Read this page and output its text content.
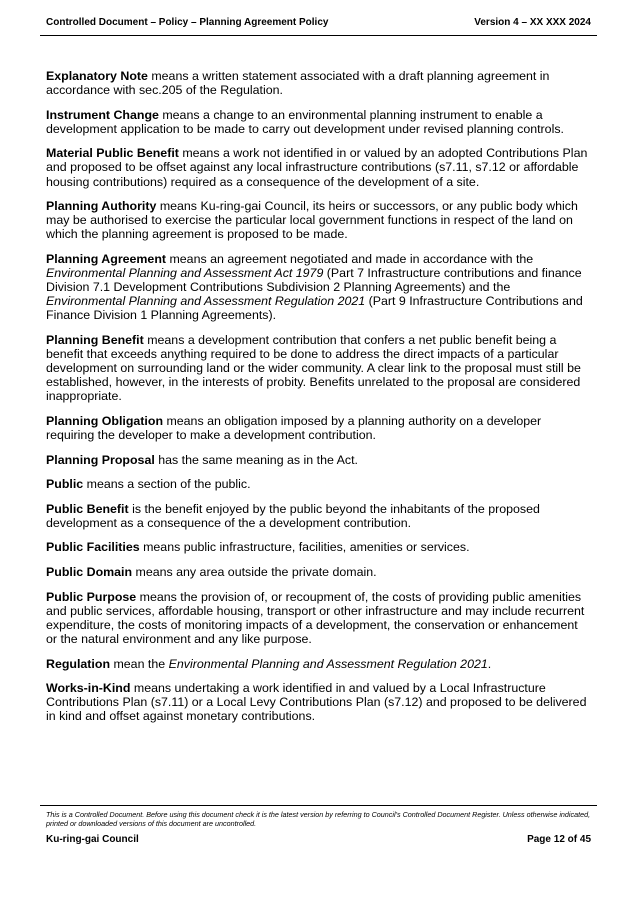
Controlled Document – Policy – Planning Agreement Policy	Version 4 – XX XXX 2024

Explanatory Note means a written statement associated with a draft planning agreement in accordance with sec.205 of the Regulation.

Instrument Change means a change to an environmental planning instrument to enable a development application to be made to carry out development under revised planning controls.

Material Public Benefit means a work not identified in or valued by an adopted Contributions Plan and proposed to be offset against any local infrastructure contributions (s7.11, s7.12 or affordable housing contributions) required as a consequence of the development of a site.

Planning Authority means Ku-ring-gai Council, its heirs or successors, or any public body which may be authorised to exercise the particular local government functions in respect of the land on which the planning agreement is proposed to be made.

Planning Agreement means an agreement negotiated and made in accordance with the Environmental Planning and Assessment Act 1979 (Part 7 Infrastructure contributions and finance Division 7.1 Development Contributions Subdivision 2 Planning Agreements) and the Environmental Planning and Assessment Regulation 2021 (Part 9 Infrastructure Contributions and Finance Division 1 Planning Agreements).

Planning Benefit means a development contribution that confers a net public benefit being a benefit that exceeds anything required to be done to address the direct impacts of a particular development on surrounding land or the wider community. A clear link to the proposal must still be established, however, in the interests of probity. Benefits unrelated to the proposal are considered inappropriate.

Planning Obligation means an obligation imposed by a planning authority on a developer requiring the developer to make a development contribution.

Planning Proposal has the same meaning as in the Act.

Public means a section of the public.

Public Benefit is the benefit enjoyed by the public beyond the inhabitants of the proposed development as a consequence of the a development contribution.

Public Facilities means public infrastructure, facilities, amenities or services.

Public Domain means any area outside the private domain.

Public Purpose means the provision of, or recoupment of, the costs of providing public amenities and public services, affordable housing, transport or other infrastructure and may include recurrent expenditure, the costs of monitoring impacts of a development, the conservation or enhancement or the natural environment and any like purpose.

Regulation mean the Environmental Planning and Assessment Regulation 2021.

Works-in-Kind means undertaking a work identified in and valued by a Local Infrastructure Contributions Plan (s7.11) or a Local Levy Contributions Plan (s7.12) and proposed to be delivered in kind and offset against monetary contributions.

This is a Controlled Document. Before using this document check it is the latest version by referring to Council’s Controlled Document Register. Unless otherwise indicated, printed or downloaded versions of this document are uncontrolled.
Ku-ring-gai Council	Page 12 of 45
